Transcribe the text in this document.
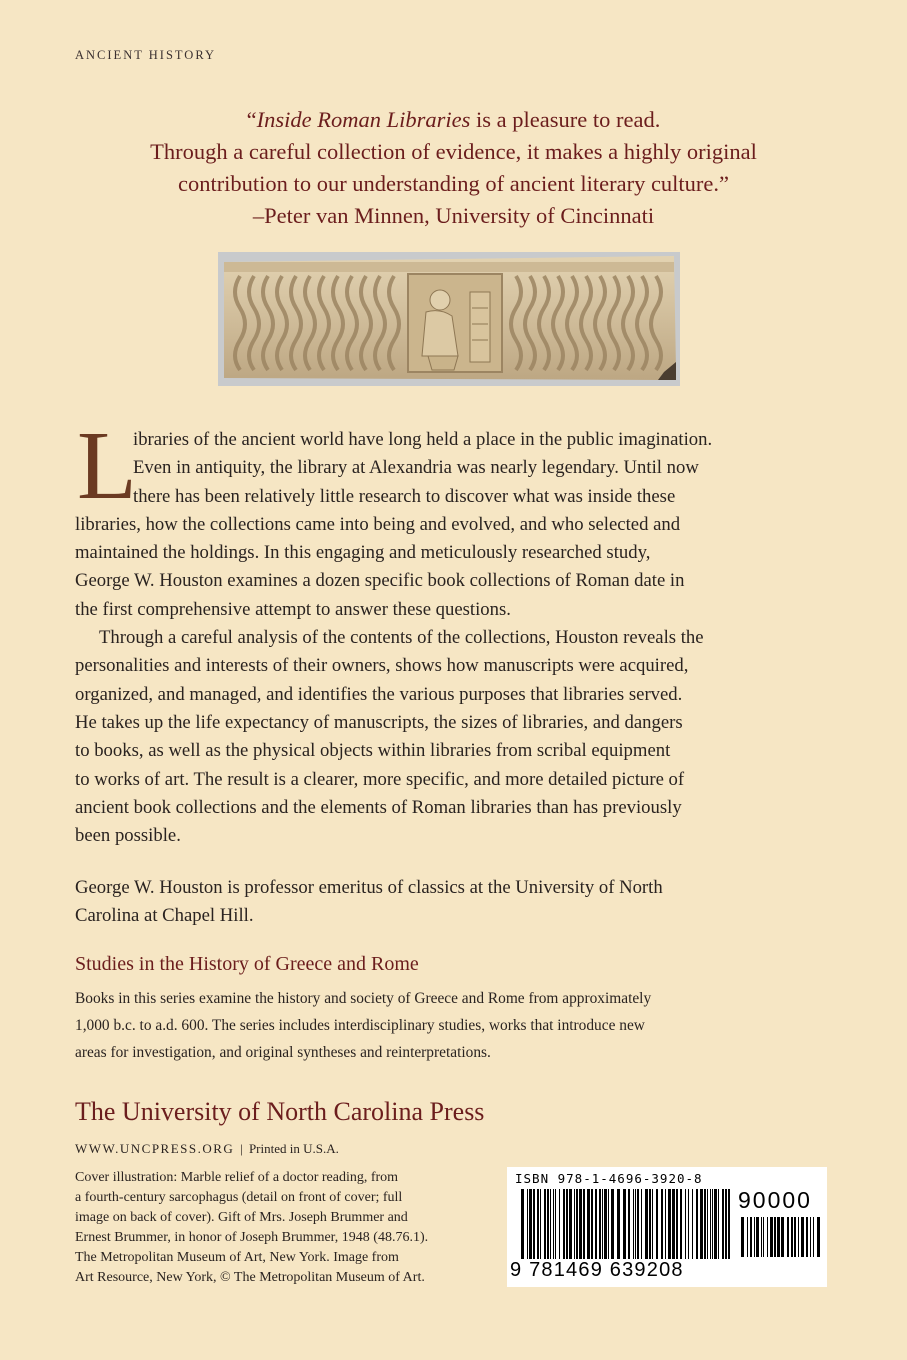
ANCIENT HISTORY
“Inside Roman Libraries is a pleasure to read.
Through a careful collection of evidence, it makes a highly original
contribution to our understanding of ancient literary culture.”
–Peter van Minnen, University of Cincinnati
L

ibraries of the ancient world have long held a place in the public imagination.
Even in antiquity, the library at Alexandria was nearly legendary. Until now
there has been relatively little research to discover what was inside these

libraries, how the collections came into being and evolved, and who selected and
maintained the holdings. In this engaging and meticulously researched study,
George W. Houston examines a dozen specific book collections of Roman date in
the first comprehensive attempt to answer these questions.

Through a careful analysis of the contents of the collections, Houston reveals the
personalities and interests of their owners, shows how manuscripts were acquired,
organized, and managed, and identifies the various purposes that libraries served.
He takes up the life expectancy of manuscripts, the sizes of libraries, and dangers
to books, as well as the physical objects within libraries from scribal equipment
to works of art. The result is a clearer, more specific, and more detailed picture of
ancient book collections and the elements of Roman libraries than has previously
been possible.

George W. Houston is professor emeritus of classics at the University of North
Carolina at Chapel Hill.
Studies in the History of Greece and Rome
Books in this series examine the history and society of Greece and Rome from approximately
1,000 b.c. to a.d. 600. The series includes interdisciplinary studies, works that introduce new
areas for investigation, and original syntheses and reinterpretations.
The University of North Carolina Press
WWW.UNCPRESS.ORG | Printed in U.S.A.
Cover illustration: Marble relief of a doctor reading, from
a fourth-century sarcophagus (detail on front of cover; full
image on back of cover). Gift of Mrs. Joseph Brummer and
Ernest Brummer, in honor of Joseph Brummer, 1948 (48.76.1).
The Metropolitan Museum of Art, New York. Image from
Art Resource, New York, © The Metropolitan Museum of Art.
ISBN 978-1-4696-3920-8
90000
9 781469 639208
